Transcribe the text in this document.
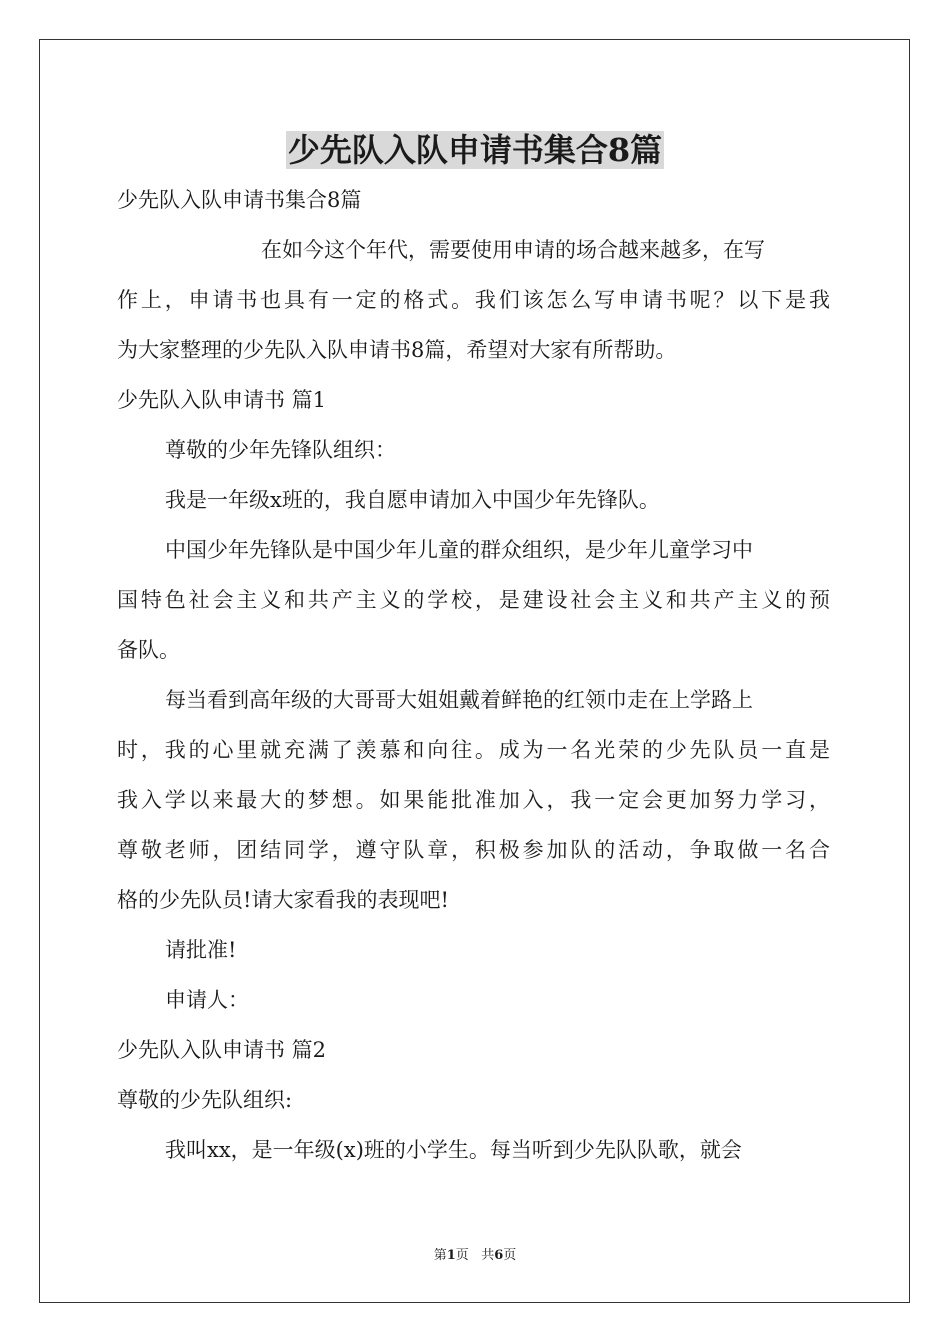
少先队入队申请书集合8篇
少先队入队申请书集合8篇
在如今这个年代，需要使用申请的场合越来越多，在写
作上，申请书也具有一定的格式。我们该怎么写申请书呢？以下是我
为大家整理的少先队入队申请书8篇，希望对大家有所帮助。
少先队入队申请书 篇1
尊敬的少年先锋队组织：
我是一年级x班的，我自愿申请加入中国少年先锋队。
中国少年先锋队是中国少年儿童的群众组织，是少年儿童学习中
国特色社会主义和共产主义的学校，是建设社会主义和共产主义的预
备队。
每当看到高年级的大哥哥大姐姐戴着鲜艳的红领巾走在上学路上
时，我的心里就充满了羡慕和向往。成为一名光荣的少先队员一直是
我入学以来最大的梦想。如果能批准加入，我一定会更加努力学习，
尊敬老师，团结同学，遵守队章，积极参加队的活动，争取做一名合
格的少先队员!请大家看我的表现吧!
请批准!
申请人：
少先队入队申请书 篇2
尊敬的少先队组织:
我叫xx，是一年级(x)班的小学生。每当听到少先队队歌，就会
第1页 共6页
